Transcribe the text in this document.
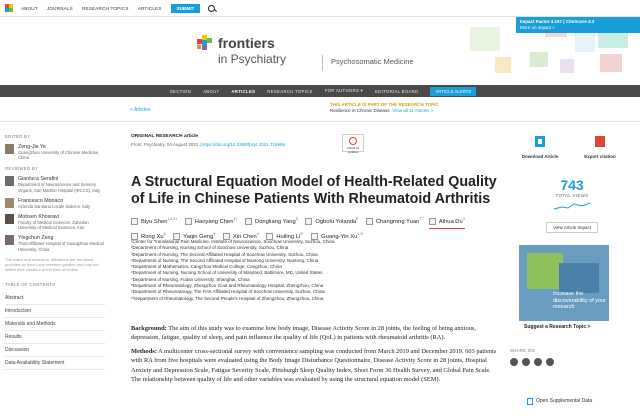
ABOUT JOURNALS RESEARCH TOPICS ARTICLES	SUBMIT
Impact Factor 4.157 | CiteScore 3.3
More on impact >
frontiers
in Psychiatry	Psychosomatic Medicine
SECTION	ABOUT	ARTICLES	RESEARCH TOPICS	FOR AUTHORS ▾	EDITORIAL BOARD	ARTICLE ALERTS
< Articles
THIS ARTICLE IS PART OF THE RESEARCH TOPIC
Resilience in Chronic Disease View all 11 Articles >
EDITED BY
Zeng-Jie Ye
Guangzhou University of Chinese Medicine, China
REVIEWED BY
Gianluca Serafini
Department of Neuroscience and Sensory Organs, San Martino Hospital (IRCCS), Italy
Francesco Monaco
Azienda Sanitaria Locale Salerno, Italy
Mohsen Khosravi
Faculty of Medical Sciences, Zahedan University of Medical Sciences, Iran
Yingchun Zeng
Third Affiliated Hospital of Guangzhou Medical University, China
The editor and reviewers' affiliations are the latest provided on their Loop research profiles and may not reflect their situation at the time of review.
TABLE OF CONTENTS
Abstract
Introduction
Materials and Methods
Results
Discussion
Data Availability Statement
ORIGINAL RESEARCH article
Front. Psychiatry, 04 August 2021 | https://doi.org/10.3389/fpsyt.2021.716996
A Structural Equation Model of Health-Related Quality of Life in Chinese Patients With Rheumatoid Arthritis
Biyu Shen$^{1,2,3\dagger}$	Haoyang Chen$^{4\dagger}$	Dongliang Yang$^5$	Ogbolu Yolanda$^6$	Changrong Yuan$^7$	Aihua Du$^3$ Rong Xu$^8$	Yaqin Geng$^9$	Xin Chen$^4$	Huiling $Li^{2*}$	Guang-Yin $Xu^{1,3*}$
¹Center for Translational Pain Medicine, Institute of Neuroscience, Soochow University, Suzhou, China
²Department of Nursing, Nursing School of Soochow University, Suzhou, China
³Department of Nursing, The Second Affiliated Hospital of Soochow University, Suzhou, China
⁴Department of Nursing, The Second Affiliated Hospital of Nantong University, Nantong, China
⁵Department of Mathematics, Cangzhou Medical College, Cangzhou, China
⁶Department of Nursing, Nursing School of University of Maryland, Baltimore, MD, United States
⁷Department of Nursing, Fudan University, Shanghai, China
⁸Department of Rheumatology, Zhengzhou Gout and Rheumatology Hospital, Zhengzhou, China
⁹Department of Rheumatology, The First Affiliated Hospital of Soochow University, Suzhou, China
¹⁰Department of Rheumatology, The Second People's Hospital of Zhengzhou, Zhengzhou, China

Background: The aim of this study was to examine how body image, Disease Activity Score in 28 joints, the feeling of being anxious, depression, fatigue, quality of sleep, and pain influence the quality of life (QoL) in patients with rheumatoid arthritis (RA).

Methods: A multicenter cross-sectional survey with convenience sampling was conducted from March 2019 and December 2019. 603 patients with RA from five hospitals were evaluated using the Body Image Disturbance Questionnaire, Disease Activity Score in 28 joints, Hospital Anxiety and Depression Scale, Fatigue Severity Scale, Pittsburgh Sleep Quality Index, Short Form 36 Health Survey, and Global Pain Scale. The relationship between quality of life and other variables was evaluated by using the structural equation model (SEM).

Check for updates
Download Article	Export citation
743
TOTAL VIEWS
View Article Impact
Increase the discoverability of your research
Suggest a Research Topic >
SHARE ON
Open Supplemental Data
